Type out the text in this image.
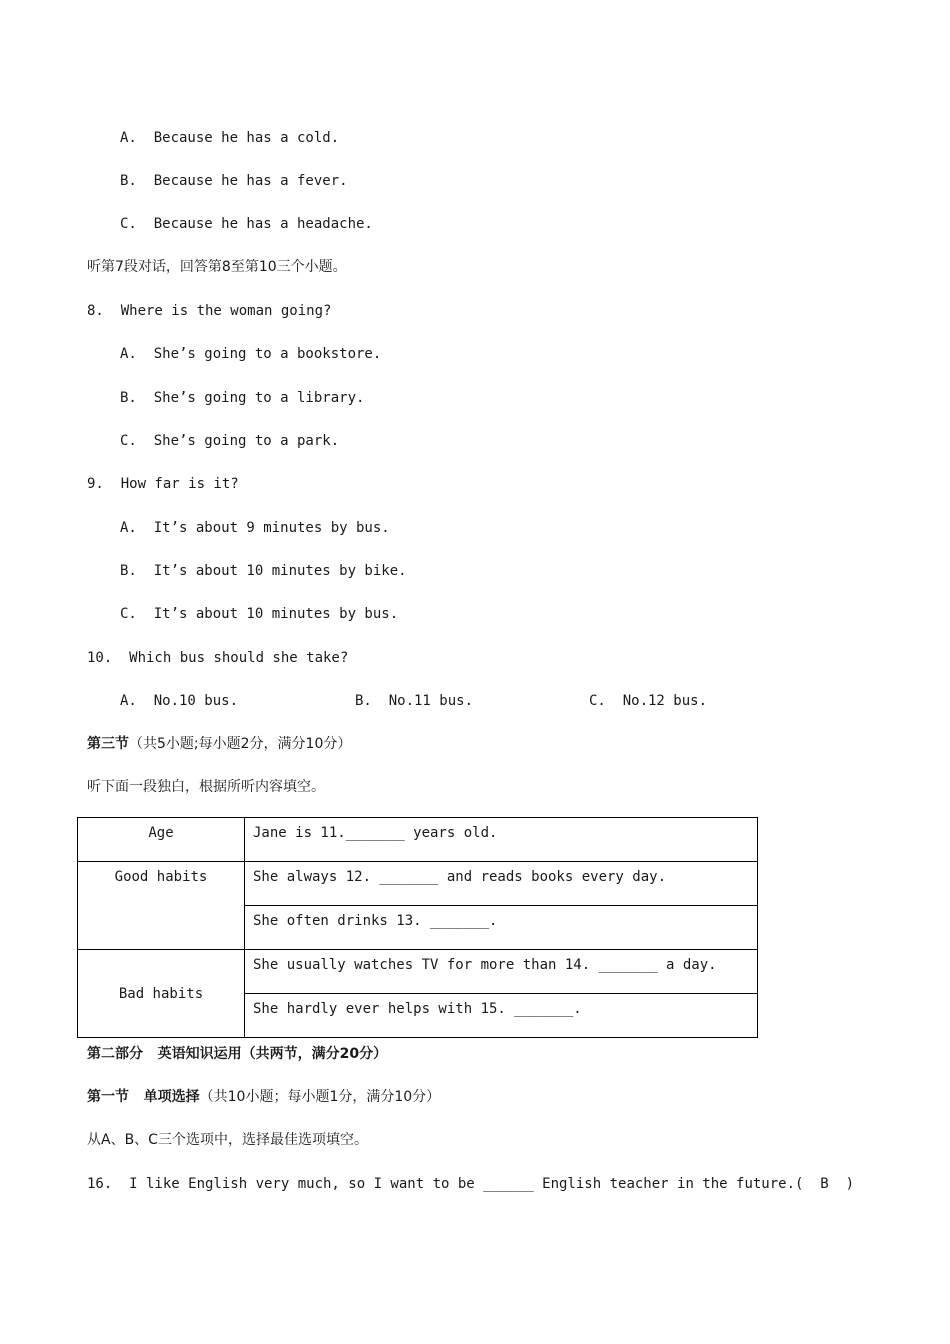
A.  Because he has a cold.
B.  Because he has a fever.
C.  Because he has a headache.
听第7段对话，回答第8至第10三个小题。
8.  Where is the woman going?
A.  She’s going to a bookstore.
B.  She’s going to a library.
C.  She’s going to a park.
9.  How far is it?
A.  It’s about 9 minutes by bus.
B.  It’s about 10 minutes by bike.
C.  It’s about 10 minutes by bus.
10.  Which bus should she take?
A.  No.10 bus.	B.  No.11 bus.	C.  No.12 bus.
第三节（共5小题;每小题2分，满分10分）
听下面一段独白，根据所听内容填空。
Age	Jane is 11._______ years old.
Good habits	She always 12. _______ and reads books every day.
	She often drinks 13. _______.
Bad habits	She usually watches TV for more than 14. _______ a day.
	She hardly ever helps with 15. _______.
第二部分   英语知识运用（共两节，满分20分）
第一节   单项选择（共10小题；每小题1分，满分10分）
从A、B、C三个选项中，选择最佳选项填空。
16.  I like English very much, so I want to be ______ English teacher in the future.(  B  )
